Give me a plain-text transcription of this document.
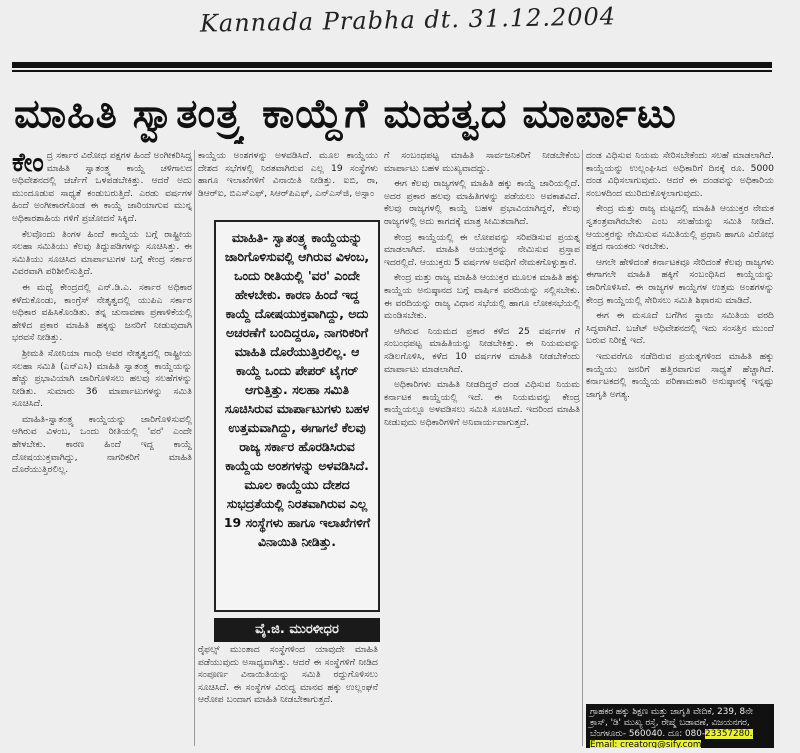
Kannada Prabha dt. 31.12.2004
ಮಾಹಿತಿ ಸ್ವಾತಂತ್ರ್ಯ ಕಾಯ್ದೆಗೆ ಮಹತ್ವದ ಮಾರ್ಪಾಟು

ಕೇಂದ್ರ ಸರ್ಕಾರ ವಿರೋಧ ಪಕ್ಷಗಳ ಹಿಂದೆ ಅಂಗೀಕರಿಸಿದ್ದ ಮಾಹಿತಿ ಸ್ವಾತಂತ್ರ್ಯ ಕಾಯ್ದೆ ಚಳಿಗಾಲದ ಅಧಿವೇಶನದಲ್ಲಿ ಚರ್ಚೆಗೆ ಒಳಪಡಬೇಕಿತ್ತು. ಆದರೆ ಅದು ಮುಂದೂಡುವ ಸಾಧ್ಯತೆ ಕಂಡುಬರುತ್ತಿದೆ. ಎರಡು ವರ್ಷಗಳ ಹಿಂದೆ ಅಂಗೀಕಾರಗೊಂಡ ಈ ಕಾಯ್ದೆ ಜಾರಿಯಾಗುವ ಮುನ್ನ ಅಧಿಕಾರಶಾಹಿಯ ಗಳಿಗೆ ಪ್ರಚೋದನೆ ಸಿಕ್ಕಿದೆ.

ಕೆಲವೊಂದು ತಿಂಗಳ ಹಿಂದೆ ಕಾಯ್ದೆಯ ಬಗ್ಗೆ ರಾಷ್ಟ್ರೀಯ ಸಲಹಾ ಸಮಿತಿಯು ಕೆಲವು ತಿದ್ದುಪಡಿಗಳನ್ನು ಸೂಚಿಸಿತ್ತು. ಈ ಸಮಿತಿಯು ಸೂಚಿಸಿದ ಮಾರ್ಪಾಟುಗಳ ಬಗ್ಗೆ ಕೇಂದ್ರ ಸರ್ಕಾರ ವಿವರವಾಗಿ ಪರಿಶೀಲಿಸುತ್ತಿದೆ.

ಈ ಮಧ್ಯೆ ಕೇಂದ್ರದಲ್ಲಿ ಎನ್.ಡಿ.ಎ. ಸರ್ಕಾರ ಅಧಿಕಾರ ಕಳೆದುಕೊಂಡು, ಕಾಂಗ್ರೆಸ್ ನೇತೃತ್ವದಲ್ಲಿ ಯುಪಿಎ ಸರ್ಕಾರ ಅಧಿಕಾರ ವಹಿಸಿಕೊಂಡಿತು. ತನ್ನ ಚುನಾವಣಾ ಪ್ರಣಾಳಿಕೆಯಲ್ಲಿ ಹೇಳಿದ ಪ್ರಕಾರ ಮಾಹಿತಿ ಹಕ್ಕನ್ನು ಜನರಿಗೆ ನೀಡುವುದಾಗಿ ಭರವಸೆ ನೀಡಿತ್ತು.

ಶ್ರೀಮತಿ ಸೋನಿಯಾ ಗಾಂಧಿ ಅವರ ನೇತೃತ್ವದಲ್ಲಿ ರಾಷ್ಟ್ರೀಯ ಸಲಹಾ ಸಮಿತಿ (ಎನ್‌ಎಸಿ) ಮಾಹಿತಿ ಸ್ವಾತಂತ್ರ್ಯ ಕಾಯ್ದೆಯನ್ನು ಹೆಚ್ಚು ಪ್ರಭಾವಿಯಾಗಿ ಜಾರಿಗೊಳಿಸಲು ಹಲವು ಸಲಹೆಗಳನ್ನು ನೀಡಿತು. ಸುಮಾರು 36 ಮಾರ್ಪಾಟುಗಳನ್ನು ಸಮಿತಿ ಸೂಚಿಸಿದೆ.

ಮಾಹಿತಿ-ಸ್ವಾತಂತ್ರ್ಯ ಕಾಯ್ದೆಯನ್ನು ಜಾರಿಗೊಳಿಸುವಲ್ಲಿ ಆಗಿರುವ ವಿಳಂಬ, ಒಂದು ರೀತಿಯಲ್ಲಿ 'ವರ' ಎಂದೇ ಹೇಳಬೇಕು. ಕಾರಣ ಹಿಂದೆ ಇದ್ದ ಕಾಯ್ದೆ ದೋಷಯುಕ್ತವಾಗಿದ್ದು, ನಾಗರಿಕರಿಗೆ ಮಾಹಿತಿ ದೊರೆಯುತ್ತಿರಲಿಲ್ಲ.

ಕಾಯ್ದೆಯ ಅಂಶಗಳನ್ನು ಅಳವಡಿಸಿದೆ. ಮೂಲ ಕಾಯ್ದೆಯು ದೇಶದ ಸಭೆಗಳಲ್ಲಿ ನಿರತವಾಗಿರುವ ಎಲ್ಲ 19 ಸಂಸ್ಥೆಗಳು ಹಾಗೂ ಇಲಾಖೆಗಳಿಗೆ ವಿನಾಯಿತಿ ನೀಡಿತ್ತು. ಐಬಿ, ರಾ, ಡಿಆರ್‌ಐ, ಬಿಎಸ್‌ಎಫ್, ಸಿಆರ್‌ಪಿಎಫ್, ಎನ್‌ಎಸ್‌ಜಿ, ಅಸ್ಸಾಂ

ಮಾಹಿತಿ- ಸ್ವಾತಂತ್ರ್ಯ ಕಾಯ್ದೆಯನ್ನು ಜಾರಿಗೊಳಿಸುವಲ್ಲಿ ಆಗಿರುವ ವಿಳಂಬ, ಒಂದು ರೀತಿಯಲ್ಲಿ 'ವರ' ಎಂದೇ ಹೇಳಬೇಕು. ಕಾರಣ ಹಿಂದೆ ಇದ್ದ ಕಾಯ್ದೆ ದೋಷಯುಕ್ತವಾಗಿದ್ದು, ಅದು ಅಚರಣೆಗೆ ಬಂದಿದ್ದರೂ, ನಾಗರಿಕರಿಗೆ ಮಾಹಿತಿ ದೊರೆಯುತ್ತಿರಲಿಲ್ಲ. ಆ ಕಾಯ್ದೆ ಒಂದು ಪೇಪರ್ ಟೈಗರ್ ಆಗುತ್ತಿತ್ತು. ಸಲಹಾ ಸಮಿತಿ ಸೂಚಿಸಿರುವ ಮಾರ್ಪಾಟುಗಳು ಬಹಳ ಉತ್ತಮವಾಗಿದ್ದು, ಈಗಾಗಲೆ ಕೆಲವು ರಾಜ್ಯ ಸರ್ಕಾರ ಹೊರಡಿಸಿರುವ ಕಾಯ್ದೆಯ ಅಂಶಗಳನ್ನು ಅಳವಡಿಸಿದೆ. ಮೂಲ ಕಾಯ್ದೆಯು ದೇಶದ ಸುಭದ್ರತೆಯಲ್ಲಿ ನಿರತವಾಗಿರುವ ಎಲ್ಲ 19 ಸಂಸ್ಥೆಗಳು ಹಾಗೂ ಇಲಾಖೆಗಳಿಗೆ ವಿನಾಯಿತಿ ನೀಡಿತ್ತು.
ವೈ.ಜಿ. ಮುರಳೀಧರ

ರೈಫಲ್ಸ್ ಮುಂತಾದ ಸಂಸ್ಥೆಗಳಿಂದ ಯಾವುದೇ ಮಾಹಿತಿ ಪಡೆಯುವುದು ಅಸಾಧ್ಯವಾಗಿತ್ತು. ಆದರೆ ಈ ಸಂಸ್ಥೆಗಳಿಗೆ ನೀಡಿದ ಸಂಪೂರ್ಣ ವಿನಾಯಿತಿಯನ್ನು ಸಮಿತಿ ರದ್ದುಗೊಳಿಸಲು ಸೂಚಿಸಿದೆ. ಈ ಸಂಸ್ಥೆಗಳ ವಿರುದ್ಧ ಮಾನವ ಹಕ್ಕು ಉಲ್ಲಂಘನೆ ಆರೋಪ ಬಂದಾಗ ಮಾಹಿತಿ ನೀಡಬೇಕಾಗುತ್ತದೆ.

ಗೆ ಸಂಬಂಧಪಟ್ಟ ಮಾಹಿತಿ ಸಾರ್ವಜನಿಕರಿಗೆ ನೀಡಬೇಕೆಂಬ ಮಾರ್ಪಾಟು ಬಹಳ ಮುಖ್ಯವಾದದ್ದು.

ಈಗ ಕೆಲವು ರಾಜ್ಯಗಳಲ್ಲಿ ಮಾಹಿತಿ ಹಕ್ಕು ಕಾಯ್ದೆ ಜಾರಿಯಲ್ಲಿದೆ. ಅದರ ಪ್ರಕಾರ ಹಲವು ಮಾಹಿತಿಗಳನ್ನು ಪಡೆಯಲು ಅವಕಾಶವಿದೆ. ಕೆಲವು ರಾಜ್ಯಗಳಲ್ಲಿ ಕಾಯ್ದೆ ಬಹಳ ಪ್ರಭಾವಿಯಾಗಿದ್ದರೆ, ಕೆಲವು ರಾಜ್ಯಗಳಲ್ಲಿ ಅದು ಕಾಗದಕ್ಕೆ ಮಾತ್ರ ಸೀಮಿತವಾಗಿದೆ.

ಕೇಂದ್ರ ಕಾಯ್ದೆಯಲ್ಲಿ ಈ ಲೋಪವನ್ನು ಸರಿಪಡಿಸುವ ಪ್ರಯತ್ನ ಮಾಡಲಾಗಿದೆ. ಮಾಹಿತಿ ಆಯುಕ್ತರನ್ನು ನೇಮಿಸುವ ಪ್ರಸ್ತಾಪ ಇದರಲ್ಲಿದೆ. ಆಯುಕ್ತರು 5 ವರ್ಷಗಳ ಅವಧಿಗೆ ನೇಮಕಗೊಳ್ಳುತ್ತಾರೆ.

ಕೇಂದ್ರ ಮತ್ತು ರಾಜ್ಯ ಮಾಹಿತಿ ಆಯುಕ್ತರ ಮೂಲಕ ಮಾಹಿತಿ ಹಕ್ಕು ಕಾಯ್ದೆಯ ಅನುಷ್ಠಾನದ ಬಗ್ಗೆ ವಾರ್ಷಿಕ ವರದಿಯನ್ನು ಸಲ್ಲಿಸಬೇಕು. ಈ ವರದಿಯನ್ನು ರಾಜ್ಯ ವಿಧಾನ ಸಭೆಯಲ್ಲಿ ಹಾಗೂ ಲೋಕಸಭೆಯಲ್ಲಿ ಮಂಡಿಸಬೇಕು.

ಆಗಿರುವ ನಿಯಮದ ಪ್ರಕಾರ ಕಳೆದ 25 ವರ್ಷಗಳ ಗೆ ಸಂಬಂಧಪಟ್ಟ ಮಾಹಿತಿಯನ್ನು ನೀಡಬೇಕಿತ್ತು. ಈ ನಿಯಮವನ್ನು ಸಡಿಲಗೊಳಿಸಿ, ಕಳೆದ 10 ವರ್ಷಗಳ ಮಾಹಿತಿ ನೀಡಬೇಕೆಂದು ಮಾರ್ಪಾಟು ಮಾಡಲಾಗಿದೆ.

ಅಧಿಕಾರಿಗಳು ಮಾಹಿತಿ ನೀಡದಿದ್ದರೆ ದಂಡ ವಿಧಿಸುವ ನಿಯಮ ಕರ್ನಾಟಕ ಕಾಯ್ದೆಯಲ್ಲಿ ಇದೆ. ಈ ನಿಯಮವನ್ನು ಕೇಂದ್ರ ಕಾಯ್ದೆಯಲ್ಲೂ ಅಳವಡಿಸಲು ಸಮಿತಿ ಸೂಚಿಸಿದೆ. ಇದರಿಂದ ಮಾಹಿತಿ ನೀಡುವುದು ಅಧಿಕಾರಿಗಳಿಗೆ ಅನಿವಾರ್ಯವಾಗುತ್ತದೆ.

ದಂಡ ವಿಧಿಸುವ ನಿಯಮ ಸೇರಿಸಬೇಕೆಂದು ಸಲಹೆ ಮಾಡಲಾಗಿದೆ. ಕಾಯ್ದೆಯನ್ನು ಉಲ್ಲಂಘಿಸಿದ ಅಧಿಕಾರಿಗೆ ದಿನಕ್ಕೆ ರೂ. 5000 ದಂಡ ವಿಧಿಸಲಾಗುವುದು. ಆದರೆ ಈ ದಂಡವನ್ನು ಅಧಿಕಾರಿಯ ಸಂಬಳದಿಂದ ಮುರಿದುಕೊಳ್ಳಲಾಗುವುದು.

ಕೇಂದ್ರ ಮತ್ತು ರಾಜ್ಯ ಮಟ್ಟದಲ್ಲಿ ಮಾಹಿತಿ ಆಯುಕ್ತರ ನೇಮಕ ಸ್ವತಂತ್ರವಾಗಿರಬೇಕು ಎಂಬ ಸಲಹೆಯನ್ನು ಸಮಿತಿ ನೀಡಿದೆ. ಆಯುಕ್ತರನ್ನು ನೇಮಿಸುವ ಸಮಿತಿಯಲ್ಲಿ ಪ್ರಧಾನಿ ಹಾಗೂ ವಿರೋಧ ಪಕ್ಷದ ನಾಯಕರು ಇರಬೇಕು.

ಆಗಲೇ ಹೇಳಿದಂತೆ ಕರ್ನಾಟಕವೂ ಸೇರಿದಂತೆ ಕೆಲವು ರಾಜ್ಯಗಳು ಈಗಾಗಲೇ ಮಾಹಿತಿ ಹಕ್ಕಿಗೆ ಸಂಬಂಧಿಸಿದ ಕಾಯ್ದೆಯನ್ನು ಜಾರಿಗೊಳಿಸಿವೆ. ಈ ರಾಜ್ಯಗಳ ಕಾಯ್ದೆಗಳ ಉತ್ತಮ ಅಂಶಗಳನ್ನು ಕೇಂದ್ರ ಕಾಯ್ದೆಯಲ್ಲಿ ಸೇರಿಸಲು ಸಮಿತಿ ಶಿಫಾರಸು ಮಾಡಿದೆ.

ಈಗ ಈ ಮಸೂದೆ ಬಗೆಗಿನ ಸ್ಥಾಯಿ ಸಮಿತಿಯ ವರದಿ ಸಿದ್ಧವಾಗಿದೆ. ಬಜೆಟ್ ಅಧಿವೇಶನದಲ್ಲಿ ಇದು ಸಂಸತ್ತಿನ ಮುಂದೆ ಬರುವ ನಿರೀಕ್ಷೆ ಇದೆ.

ಇದುವರೆಗೂ ನಡೆದಿರುವ ಪ್ರಯತ್ನಗಳಿಂದ ಮಾಹಿತಿ ಹಕ್ಕು ಕಾಯ್ದೆಯು ಜನರಿಗೆ ಹತ್ತಿರವಾಗುವ ಸಾಧ್ಯತೆ ಹೆಚ್ಚಾಗಿದೆ. ಕರ್ನಾಟಕದಲ್ಲಿ ಕಾಯ್ದೆಯ ಪರಿಣಾಮಕಾರಿ ಅನುಷ್ಠಾನಕ್ಕೆ ಇನ್ನಷ್ಟು ಜಾಗೃತಿ ಅಗತ್ಯ.

ಗ್ರಾಹಕರ ಹಕ್ಕು ಶಿಕ್ಷಣ ಮತ್ತು ಜಾಗೃತಿ ವೇದಿಕೆ, 239, 8ನೇ ಕ್ರಾಸ್, 'ಡಿ' ಮುಖ್ಯ ರಸ್ತೆ, ರೇಷ್ಮೆ ಬಡಾವಣೆ, ವಿಜಯನಗರ, ಬೆಂಗಳೂರು- 560040. ದೂ: 080-23357280. Email: creatorg@sify.com
